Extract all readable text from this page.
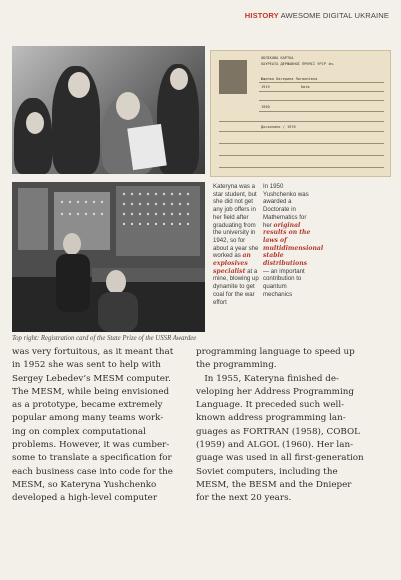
HISTORY AWESOME DIGITAL UKRAINE
ОБЛІКОВА КАРТКА
ЛАУРЕАТА ДЕРЖАВНОЇ ПРЕМІЇ УРСР ім.
Ющенко Катерина Логвинівна
1919	Київ
1950
Досконало / 1976
Kateryna was a star student, but she did not get any job offers in her field after graduating from the university in 1942, so for about a year she worked as an explosives specialist at a mine, blowing up dynamite to get coal for the war effort
In 1950 Yushchenko was awarded a Doctorate in Mathematics for her original results on the laws of multidimensional stable distributions — an important contribution to quantum mechanics
Top right: Registration card of the State Prize of the USSR Awardee

was very fortuitous, as it meant that

in 1952 she was sent to help with

Sergey Lebedev’s MESM computer.

The MESM, while being envisioned

as a prototype, became extremely

popular among many teams work-

ing on complex computational

problems. However, it was cumber-

some to translate a specification for

each business case into code for the

MESM, so Kateryna Yushchenko

developed a high-level computer

programming language to speed up

the programming.

In 1955, Kateryna finished de-

veloping her Address Programming

Language. It preceded such well-

known address programming lan-

guages as FORTRAN (1958), COBOL

(1959) and ALGOL (1960). Her lan-

guage was used in all first-generation

Soviet computers, including the

MESM, the BESM and the Dnieper

for the next 20 years.
